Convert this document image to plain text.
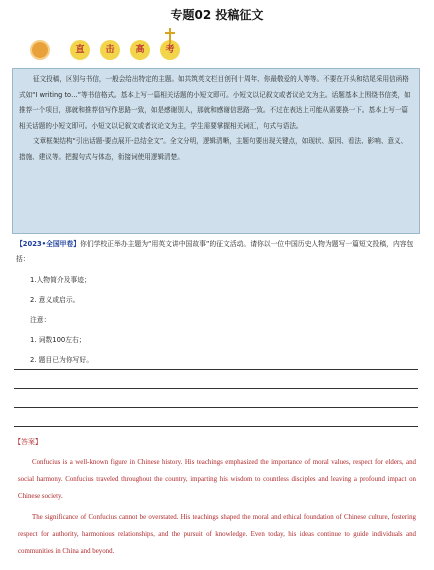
专题02 投稿征文
直	击	高	考

征文投稿，区别与书信，一般会给出特定的主题。如共筑英文栏目创刊十周年、你最敬爱的人等等。不要在开头和结尾采用信函格式如“I writing to…”等书信格式。基本上写一篇相关话题的小短文即可。小短文以记叙文或者议论文为主。话题基本上围绕书信类，如推荐一个项目，那就和推荐信写作思路一致，如是感谢别人，那就和感谢信思路一致。不过在表达上可能从需要换一下。基本上写一篇相关话题的小短文即可。小短文以记叙文或者议论文为主，学生需要掌握相关词汇，句式与语法。

文章框架结构“引出话题-要点展开-总结全文”。全文分明，逻辑清晰，主题句要出现关键点，如现状、原因、看法、影响、意义、措施、建议等。把握句式与体态，衔接词使用逻辑清楚。

【2023•全国甲卷】你们学校正举办主题为“用英文讲中国故事”的征文活动。请你以一位中国历史人物为题写一篇短文投稿，内容包括：
1.人物简介及事迹；
2. 意义或启示。
注意：
1. 词数100左右；
2. 题目已为你写好。
【答案】

Confucius is a well-known figure in Chinese history. His teachings emphasized the importance of moral values, respect for elders, and social harmony. Confucius traveled throughout the country, imparting his wisdom to countless disciples and leaving a profound impact on Chinese society.

The significance of Confucius cannot be overstated. His teachings shaped the moral and ethical foundation of Chinese culture, fostering respect for authority, harmonious relationships, and the pursuit of knowledge. Even today, his ideas continue to guide individuals and communities in China and beyond.
